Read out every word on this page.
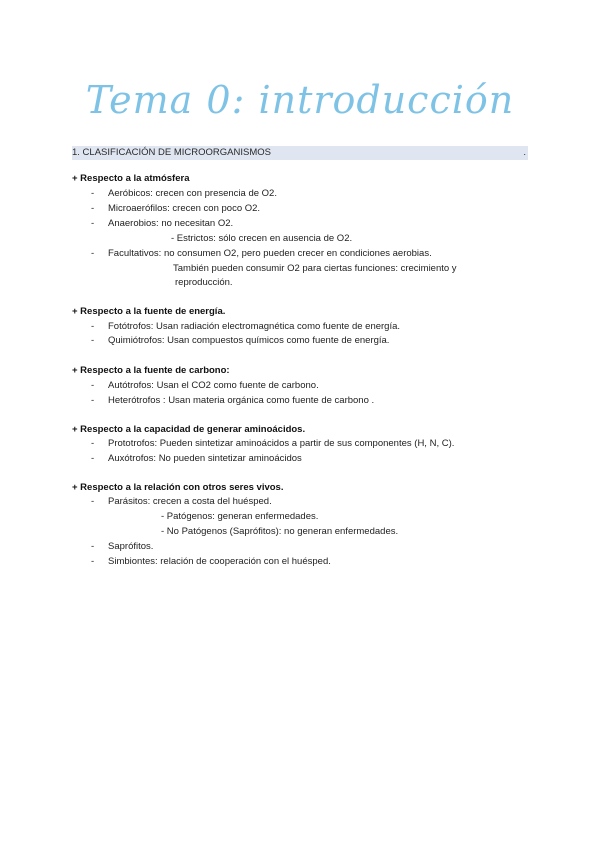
Tema 0: introducción
1. CLASIFICACIÓN DE MICROORGANISMOS	.
+ Respecto a la atmósfera
- Aeróbicos: crecen con presencia de O2.
- Microaerófilos: crecen con poco O2.
- Anaerobios: no necesitan O2.
- Estrictos: sólo crecen en ausencia de O2.
- Facultativos: no consumen O2, pero pueden crecer en condiciones aerobias.
También pueden consumir O2 para ciertas funciones: crecimiento y
reproducción.
+ Respecto a la fuente de energía.
- Fotótrofos: Usan radiación electromagnética como fuente de energía.
- Quimiótrofos: Usan compuestos químicos como fuente de energía.
+ Respecto a la fuente de carbono:
- Autótrofos: Usan el CO2 como fuente de carbono.
- Heterótrofos : Usan materia orgánica como fuente de carbono .
+ Respecto a la capacidad de generar aminoácidos.
- Prototrofos: Pueden sintetizar aminoácidos a partir de sus componentes (H, N, C).
- Auxótrofos: No pueden sintetizar aminoácidos
+ Respecto a la relación con otros seres vivos.
- Parásitos: crecen a costa del huésped.
- Patógenos: generan enfermedades.
- No Patógenos (Saprófitos): no generan enfermedades.
- Saprófitos.
- Simbiontes: relación de cooperación con el huésped.
